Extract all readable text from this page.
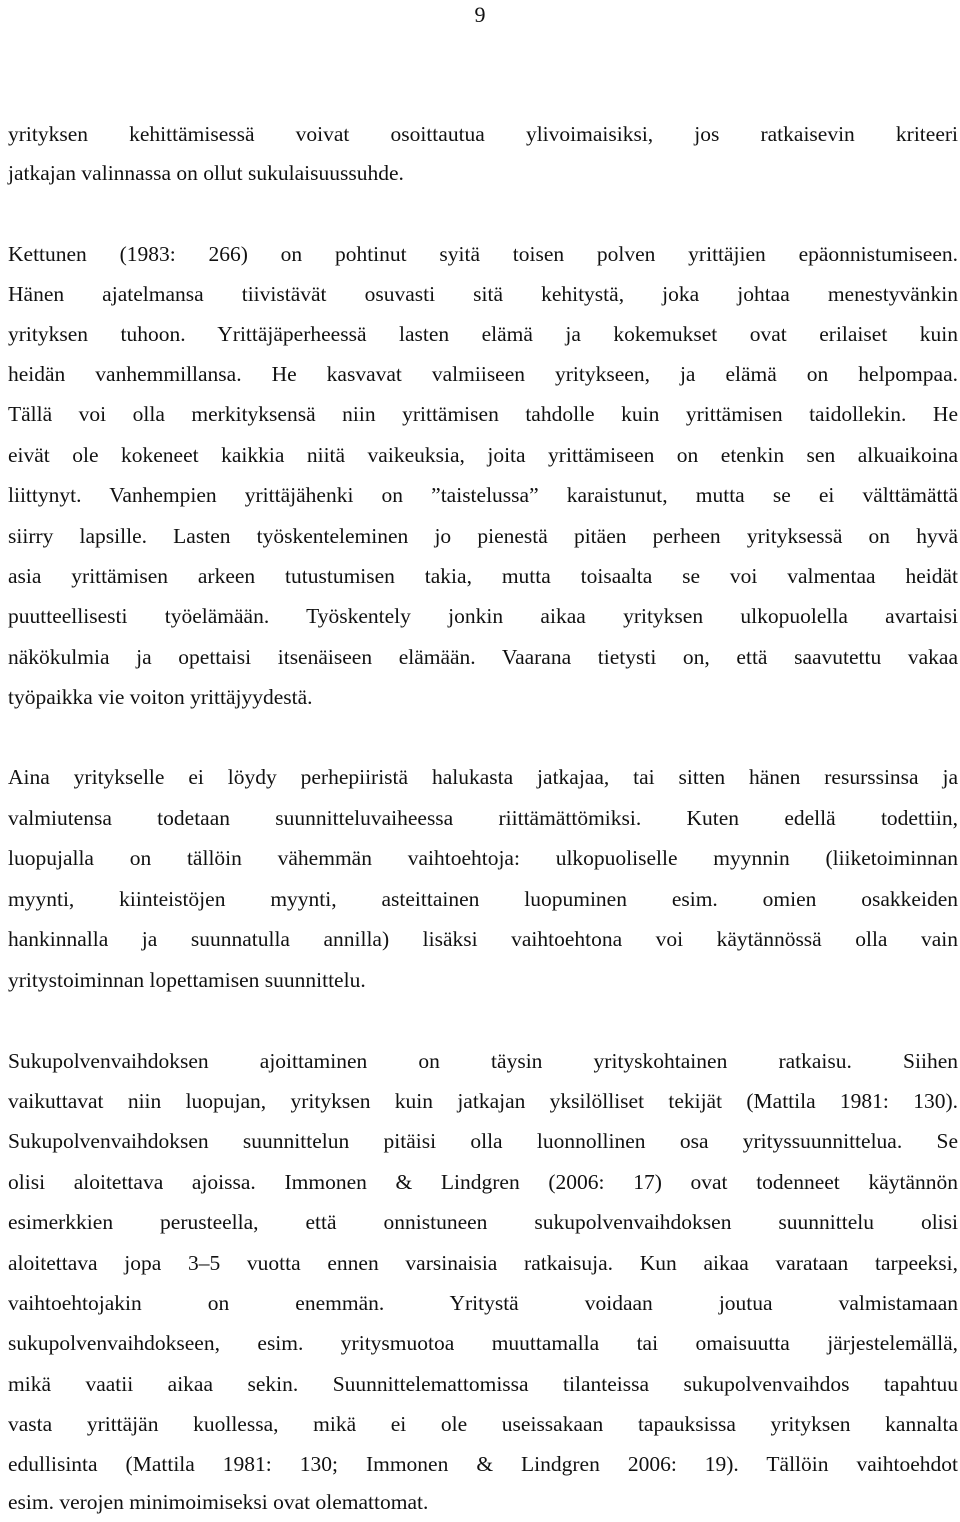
9
yrityksen kehittämisessä voivat osoittautua ylivoimaisiksi, jos ratkaisevin kriteeri
jatkajan valinnassa on ollut sukulaisuussuhde.
Kettunen (1983: 266) on pohtinut syitä toisen polven yrittäjien epäonnistumiseen.
Hänen ajatelmansa tiivistävät osuvasti sitä kehitystä, joka johtaa menestyvänkin
yrityksen tuhoon. Yrittäjäperheessä lasten elämä ja kokemukset ovat erilaiset kuin
heidän vanhemmillansa. He kasvavat valmiiseen yritykseen, ja elämä on helpompaa.
Tällä voi olla merkityksensä niin yrittämisen tahdolle kuin yrittämisen taidollekin. He
eivät ole kokeneet kaikkia niitä vaikeuksia, joita yrittämiseen on etenkin sen alkuaikoina
liittynyt. Vanhempien yrittäjähenki on ”taistelussa” karaistunut, mutta se ei välttämättä
siirry lapsille. Lasten työskenteleminen jo pienestä pitäen perheen yrityksessä on hyvä
asia yrittämisen arkeen tutustumisen takia, mutta toisaalta se voi valmentaa heidät
puutteellisesti työelämään. Työskentely jonkin aikaa yrityksen ulkopuolella avartaisi
näkökulmia ja opettaisi itsenäiseen elämään. Vaarana tietysti on, että saavutettu vakaa
työpaikka vie voiton yrittäjyydestä.
Aina yritykselle ei löydy perhepiiristä halukasta jatkajaa, tai sitten hänen resurssinsa ja
valmiutensa todetaan suunnitteluvaiheessa riittämättömiksi. Kuten edellä todettiin,
luopujalla on tällöin vähemmän vaihtoehtoja: ulkopuoliselle myynnin (liiketoiminnan
myynti, kiinteistöjen myynti, asteittainen luopuminen esim. omien osakkeiden
hankinnalla ja suunnatulla annilla) lisäksi vaihtoehtona voi käytännössä olla vain
yritystoiminnan lopettamisen suunnittelu.
Sukupolvenvaihdoksen ajoittaminen on täysin yrityskohtainen ratkaisu. Siihen
vaikuttavat niin luopujan, yrityksen kuin jatkajan yksilölliset tekijät (Mattila 1981: 130).
Sukupolvenvaihdoksen suunnittelun pitäisi olla luonnollinen osa yrityssuunnittelua. Se
olisi aloitettava ajoissa. Immonen & Lindgren (2006: 17) ovat todenneet käytännön
esimerkkien perusteella, että onnistuneen sukupolvenvaihdoksen suunnittelu olisi
aloitettava jopa 3–5 vuotta ennen varsinaisia ratkaisuja. Kun aikaa varataan tarpeeksi,
vaihtoehtojakin on enemmän. Yritystä voidaan joutua valmistamaan
sukupolvenvaihdokseen, esim. yritysmuotoa muuttamalla tai omaisuutta järjestelemällä,
mikä vaatii aikaa sekin. Suunnittelemattomissa tilanteissa sukupolvenvaihdos tapahtuu
vasta yrittäjän kuollessa, mikä ei ole useissakaan tapauksissa yrityksen kannalta
edullisinta (Mattila 1981: 130; Immonen & Lindgren 2006: 19). Tällöin vaihtoehdot
esim. verojen minimoimiseksi ovat olemattomat.
